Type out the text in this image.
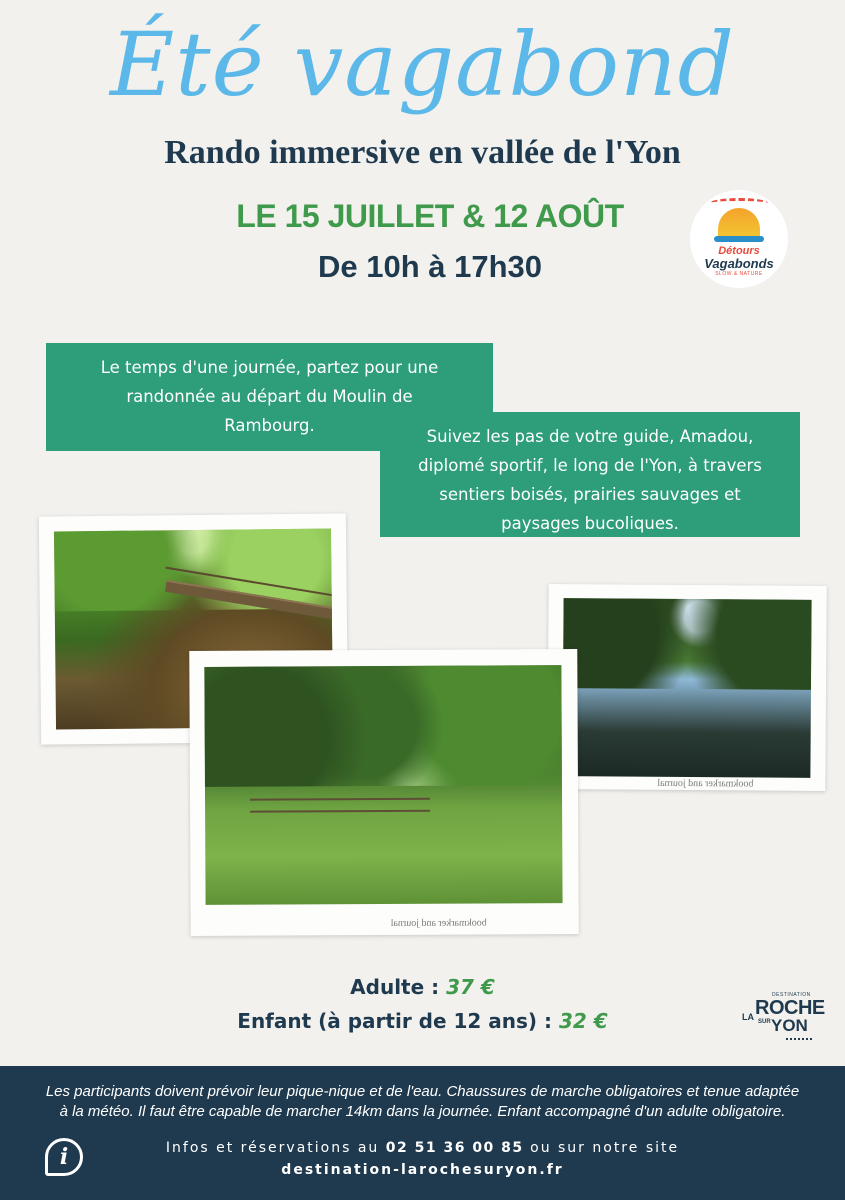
Été vagabond
Rando immersive en vallée de l'Yon
LE 15 JUILLET & 12 AOÛT
De 10h à 17h30	Détours
Vagabonds
SLOW & NATURE

Le temps d'une journée, partez pour une

randonnée au départ du Moulin de

Rambourg.

Suivez les pas de votre guide, Amadou,

diplomé sportif, le long de l'Yon, à travers

sentiers boisés, prairies sauvages et

paysages bucoliques.

bookmarker and journal
bookmarker and journal
Adulte : 37 €
Enfant (à partir de 12 ans) : 32 €
DESTINATION
LA ROCHE
SUR YON
Les participants doivent prévoir leur pique-nique et de l'eau. Chaussures de marche obligatoires et tenue adaptée
à la météo. Il faut être capable de marcher 14km dans la journée. Enfant accompagné d'un adulte obligatoire.
i	Infos et réservations au 02 51 36 00 85 ou sur notre site
destination-larochesuryon.fr
